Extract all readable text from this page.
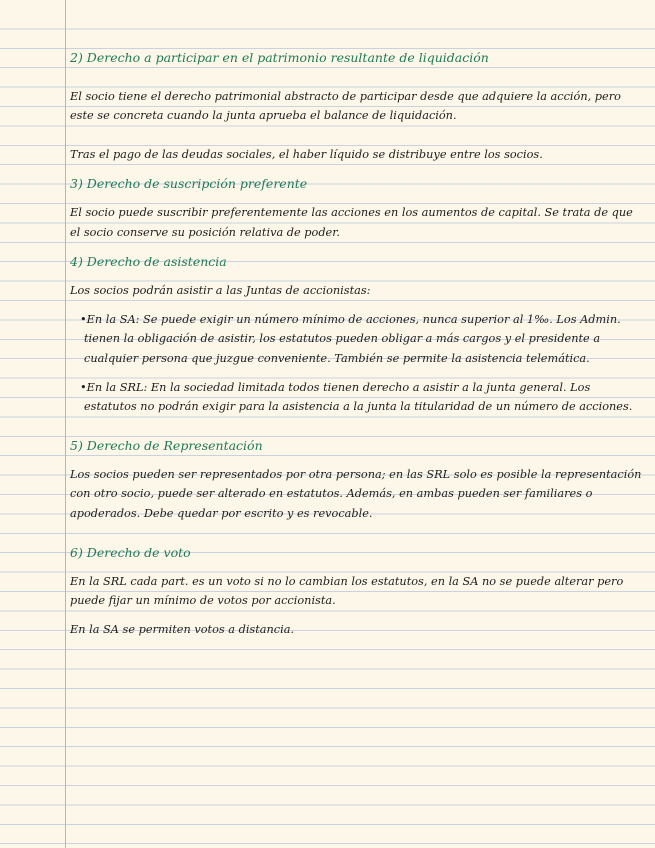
2) Derecho a participar en el patrimonio resultante de liquidación

El socio tiene el derecho patrimonial abstracto de participar desde que adquiere la acción, pero este se concreta cuando la junta aprueba el balance de liquidación.

Tras el pago de las deudas sociales, el haber líquido se distribuye entre los socios.

3) Derecho de suscripción preferente

El socio puede suscribir preferentemente las acciones en los aumentos de capital. Se trata de que el socio conserve su posición relativa de poder.

4) Derecho de asistencia

Los socios podrán asistir a las Juntas de accionistas:

•En la SA: Se puede exigir un número mínimo de acciones, nunca superior al 1‰. Los Admin. tienen la obligación de asistir, los estatutos pueden obligar a más cargos y el presidente a cualquier persona que juzgue conveniente. También se permite la asistencia telemática.

•En la SRL: En la sociedad limitada todos tienen derecho a asistir a la junta general. Los estatutos no podrán exigir para la asistencia a la junta la titularidad de un número de acciones.

5) Derecho de Representación

Los socios pueden ser representados por otra persona; en las SRL solo es posible la representación con otro socio, puede ser alterado en estatutos. Además, en ambas pueden ser familiares o apoderados. Debe quedar por escrito y es revocable.

6) Derecho de voto

En la SRL cada part. es un voto si no lo cambian los estatutos, en la SA no se puede alterar pero puede fijar un mínimo de votos por accionista.

En la SA se permiten votos a distancia.
